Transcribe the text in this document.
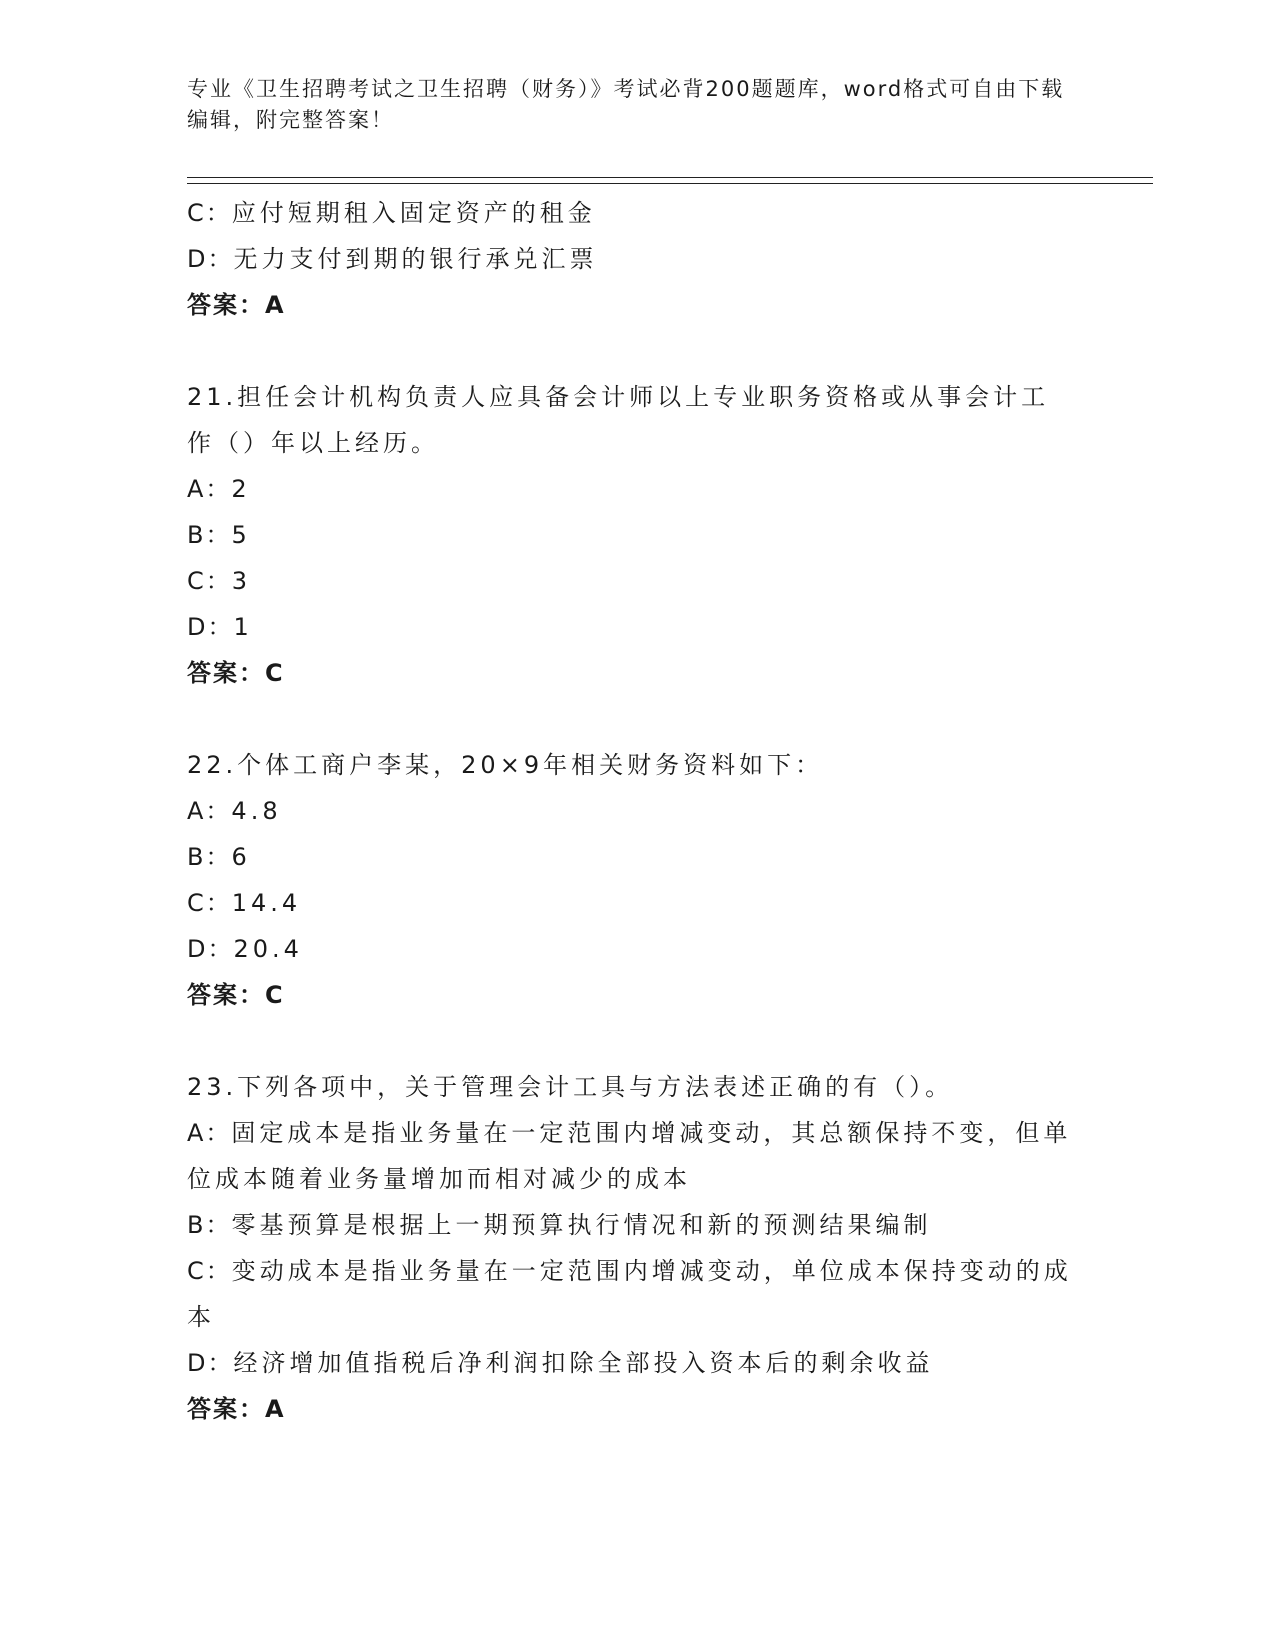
专业《卫生招聘考试之卫生招聘（财务）》考试必背200题题库，word格式可自由下载编辑，附完整答案！
C：应付短期租入固定资产的租金
D：无力支付到期的银行承兑汇票
答案：A
21.担任会计机构负责人应具备会计师以上专业职务资格或从事会计工作（）年以上经历。
A：2
B：5
C：3
D：1
答案：C
22.个体工商户李某，20×9年相关财务资料如下：
A：4.8
B：6
C：14.4
D：20.4
答案：C
23.下列各项中，关于管理会计工具与方法表述正确的有（）。
A：固定成本是指业务量在一定范围内增减变动，其总额保持不变，但单位成本随着业务量增加而相对减少的成本
B：零基预算是根据上一期预算执行情况和新的预测结果编制
C：变动成本是指业务量在一定范围内增减变动，单位成本保持变动的成本
D：经济增加值指税后净利润扣除全部投入资本后的剩余收益
答案：A
